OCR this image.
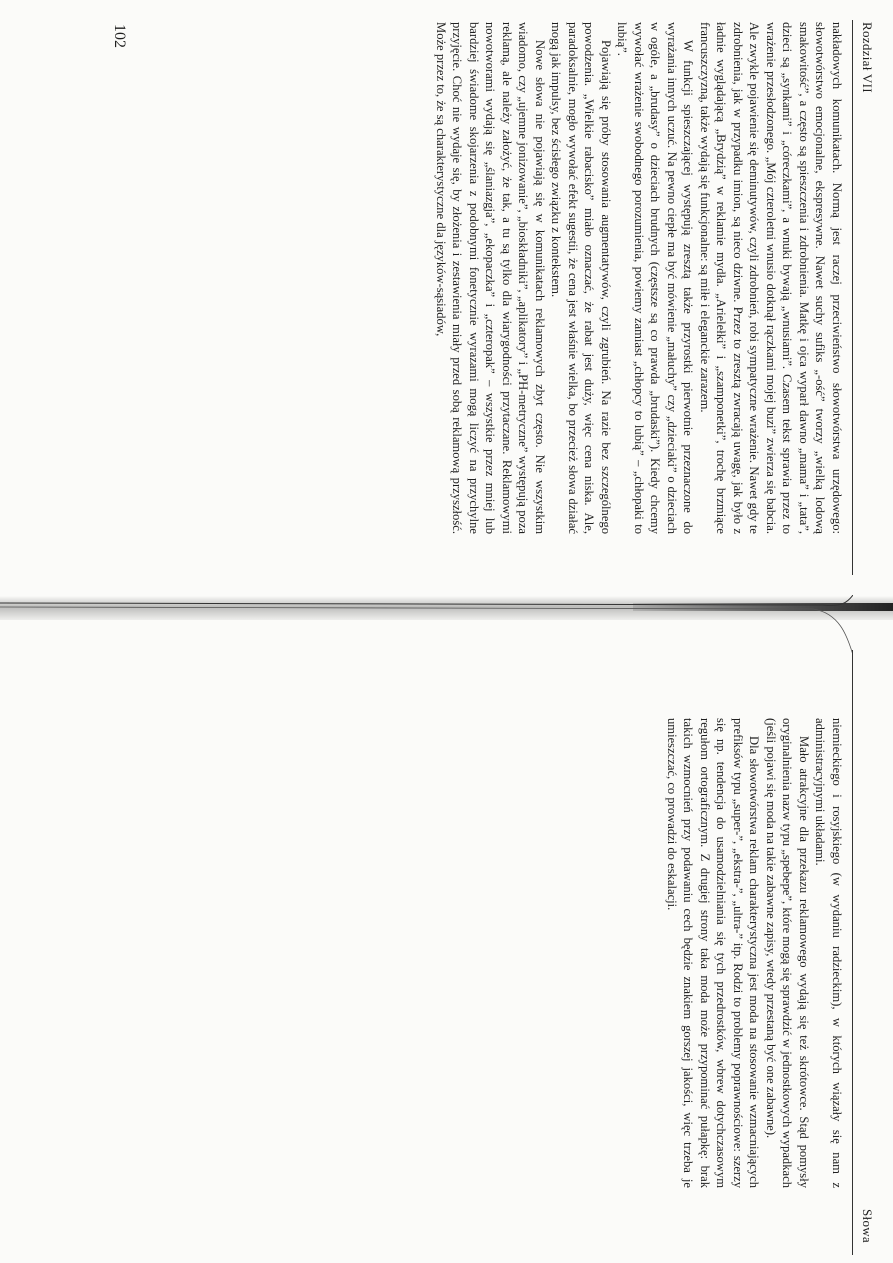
Rozdział VII

nakładowych komunikatach. Normą jest raczej przeciwieństwo słowotwórstwa urzędowego: słowotwórstwo emocjonalne, ekspresywne. Nawet suchy sufiks „-ość” tworzy „wielką lodową smakowitość”, a często są spieszczenia i zdrobnienia. Matkę i ojca wyparł dawno „mama” i „tata”, dzieci są „synkami” i „córeczkami”, a wnuki bywają „wnusiami”. Czasem tekst sprawia przez to wrażenie przesłodzonego. „Mój czteroletni wnusio dotknął rączkami mojej buzi” zwierza się babcia. Ale zwykle pojawienie się deminutywów, czyli zdrobnień, robi sympatyczne wrażenie. Nawet gdy te zdrobnienia, jak w przypadku imion, są nieco dziwne. Przez to zresztą zwracają uwagę, jak było z ładnie wyglądającą „Brydzią” w reklamie mydła. „Arielełki” i „szamponetki”, trochę brzmiące francuszczyzną, także wydają się funkcjonalne: są miłe i eleganckie zarazem.

W funkcji spieszczającej występują zresztą także przyrostki pierwotnie przeznaczone do wyrażania innych uczuć. Na pewno ciepłe ma być mówienie „małuchy” czy „dzieciaki” o dzieciach w ogóle, a „brudasy” o dzieciach brudnych (częstsze są co prawda „brudaski”). Kiedy chcemy wywołać wrażenie swobodnego porozumienia, powiemy zamiast „chłopcy to lubią” – „chłopaki to lubią”.

Pojawiają się próby stosowania augmentatywów, czyli zgrubień. Na razie bez szczególnego powodzenia. „Wielkie rabacisko” miało oznaczać, że rabat jest duży, więc cena niska. Ale, paradoksalnie, mogło wywołać efekt sugestii, że cena jest właśnie wielka, bo przecież słowa działać mogą jak impulsy, bez ścisłego związku z kontekstem.

Nowe słowa nie pojawiają się w komunikatach reklamowych zbyt często. Nie wszystkim wiadomo, czy „ujemne jonizowanie”, „bioskładniki”, „aplikatory” i „PH-metryczne” występują poza reklamą, ale należy założyć, że tak, a tu są tylko dla wiarygodności przytaczane. Reklamowymi nowotworami wydają się „ślaniazgja”, „ekopaczka” i „czteropak” – wszystkie przez mniej lub bardziej świadome skojarzenia z podobnymi fonetycznie wyrazami mogą liczyć na przychylne przyjęcie. Choć nie wydaje się, by złożenia i zestawienia miały przed sobą reklamową przyszłość. Może przez to, że są charakterystyczne dla języków-sąsiadów,

102
Słowa

niemieckiego i rosyjskiego (w wydaniu radzieckim), w których wiązały się nam z administracyjnymi układami.

Mało atrakcyjne dla przekazu reklamowego wydają się też skrótowce. Stąd pomysły oryginalnienia nazw typu „spebepe”, które mogą się sprawdzić w jednostkowych wypadkach (jeśli pojawi się moda na takie zabawne zapisy, wtedy przestaną być one zabawne).

Dla słowotwórstwa reklam charakterystyczna jest moda na stosowanie wzmacniających prefiksów typu „super-”, „ekstra-”, „ultra-” itp. Rodzi to problemy poprawnościowe: szerzy się np. tendencja do usamodzielniania się tych przedrostków, wbrew dotychczasowym regułom ortograficznym. Z drugiej strony taka moda może przypominać pułapkę: brak takich wzmocnień przy podawaniu cech będzie znakiem gorszej jakości, więc trzeba je umieszczać, co prowadzi do eskalacji.
